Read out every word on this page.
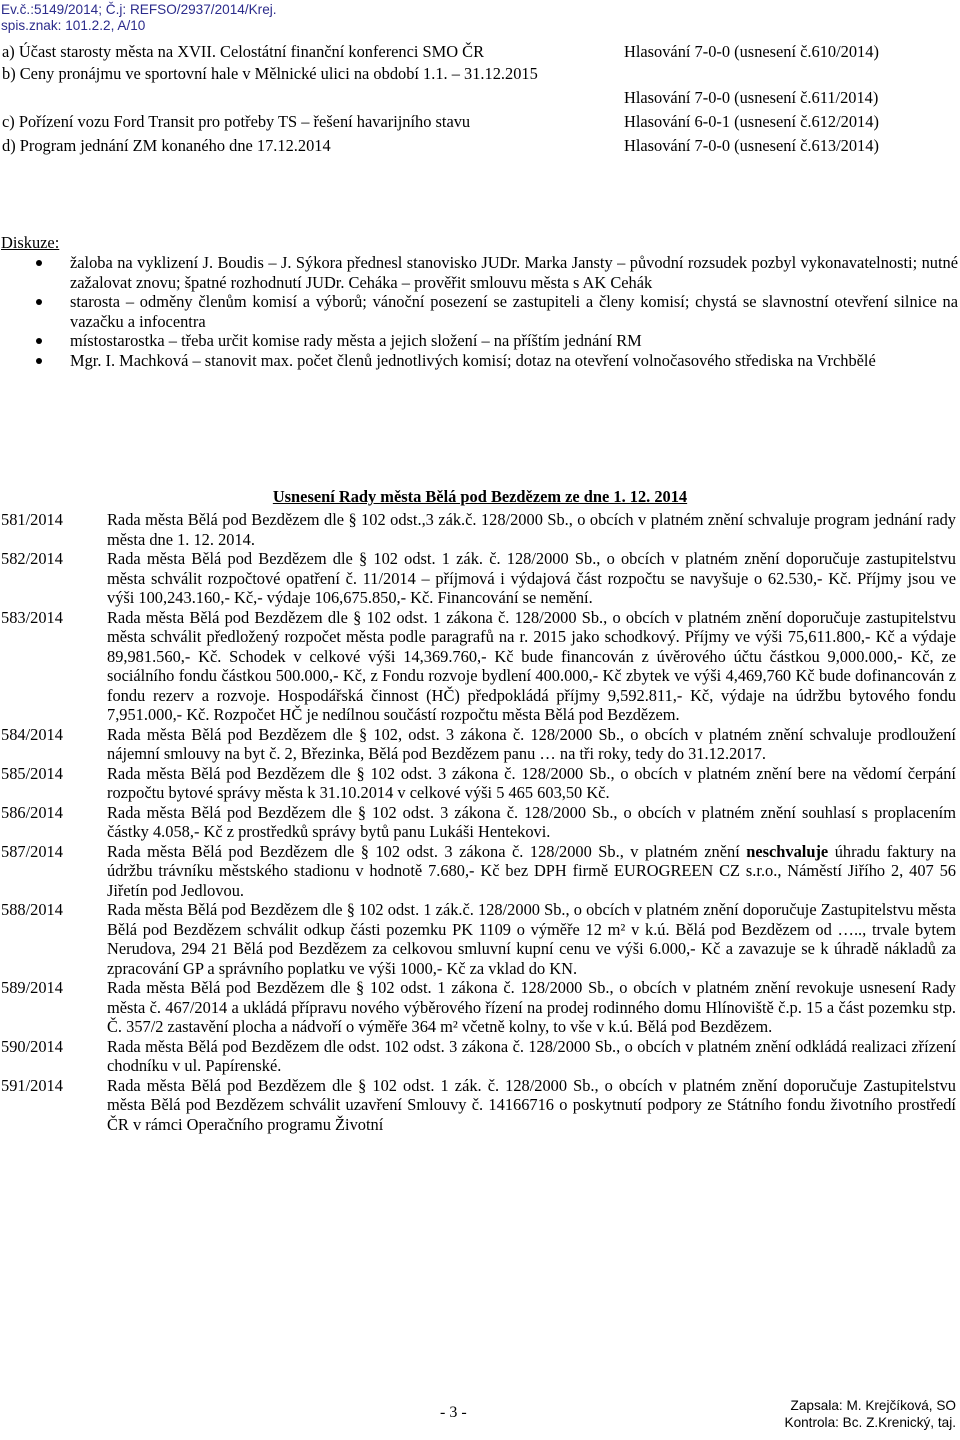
Ev.č.:5149/2014; Č.j: REFSO/2937/2014/Krej.
spis.znak: 101.2.2, A/10
a) Účast starosty města na XVII. Celostátní finanční konferenci SMO ČR	Hlasování 7-0-0 (usnesení č.610/2014)
b) Ceny pronájmu ve sportovní hale v Mělnické ulici na období 1.1. – 31.12.2015
Hlasování 7-0-0 (usnesení č.611/2014)
c) Pořízení vozu Ford Transit pro potřeby TS – řešení havarijního stavu	Hlasování 6-0-1 (usnesení č.612/2014)
d) Program jednání ZM konaného dne 17.12.2014	Hlasování 7-0-0 (usnesení č.613/2014)
Diskuze:
žaloba na vyklizení J. Boudis – J. Sýkora přednesl stanovisko JUDr. Marka Jansty – původní rozsudek pozbyl vykonavatelnosti; nutné zažalovat znovu; špatné rozhodnutí JUDr. Ceháka – prověřit smlouvu města s AK Cehák
starosta – odměny členům komisí a výborů; vánoční posezení se zastupiteli a členy komisí; chystá se slavnostní otevření silnice na vazačku a infocentra
místostarostka – třeba určit komise rady města a jejich složení – na příštím jednání RM
Mgr. I. Machková – stanovit max. počet členů jednotlivých komisí; dotaz na otevření volnočasového střediska na Vrchbělé
Usnesení Rady města Bělá pod Bezdězem ze dne 1. 12. 2014
581/2014	Rada města Bělá pod Bezdězem dle § 102 odst.,3 zák.č. 128/2000 Sb., o obcích v platném znění schvaluje program jednání rady města dne 1. 12. 2014.
582/2014	Rada města Bělá pod Bezdězem dle § 102 odst. 1 zák. č. 128/2000 Sb., o obcích v platném znění doporučuje zastupitelstvu města schválit rozpočtové opatření č. 11/2014 – příjmová i výdajová část rozpočtu se navyšuje o 62.530,- Kč. Příjmy jsou ve výši 100,243.160,- Kč,- výdaje 106,675.850,- Kč. Financování se nemění.
583/2014	Rada města Bělá pod Bezdězem dle § 102 odst. 1 zákona č. 128/2000 Sb., o obcích v platném znění doporučuje zastupitelstvu města schválit předložený rozpočet města podle paragrafů na r. 2015 jako schodkový. Příjmy ve výši 75,611.800,- Kč a výdaje 89,981.560,- Kč. Schodek v celkové výši 14,369.760,- Kč bude financován z úvěrového účtu částkou 9,000.000,- Kč, ze sociálního fondu částkou 500.000,- Kč, z Fondu rozvoje bydlení 400.000,- Kč zbytek ve výši 4,469,760 Kč bude dofinancován z fondu rezerv a rozvoje. Hospodářská činnost (HČ) předpokládá příjmy 9,592.811,- Kč, výdaje na údržbu bytového fondu 7,951.000,- Kč. Rozpočet HČ je nedílnou součástí rozpočtu města Bělá pod Bezdězem.
584/2014	Rada města Bělá pod Bezdězem dle § 102, odst. 3 zákona č. 128/2000 Sb., o obcích v platném znění schvaluje prodloužení nájemní smlouvy na byt č. 2, Březinka, Bělá pod Bezdězem panu … na tři roky, tedy do 31.12.2017.
585/2014	Rada města Bělá pod Bezdězem dle § 102 odst. 3 zákona č. 128/2000 Sb., o obcích v platném znění bere na vědomí čerpání rozpočtu bytové správy města k 31.10.2014 v celkové výši 5 465 603,50 Kč.
586/2014	Rada města Bělá pod Bezdězem dle § 102 odst. 3 zákona č. 128/2000 Sb., o obcích v platném znění souhlasí s proplacením částky 4.058,- Kč z prostředků správy bytů panu Lukáši Hentekovi.
587/2014	Rada města Bělá pod Bezdězem dle § 102 odst. 3 zákona č. 128/2000 Sb., v platném znění neschvaluje úhradu faktury na údržbu trávníku městského stadionu v hodnotě 7.680,- Kč bez DPH firmě EUROGREEN CZ s.r.o., Náměstí Jiřího 2, 407 56 Jiřetín pod Jedlovou.
588/2014	Rada města Bělá pod Bezdězem dle § 102 odst. 1 zák.č. 128/2000 Sb., o obcích v platném znění doporučuje Zastupitelstvu města Bělá pod Bezdězem schválit odkup části pozemku PK 1109 o výměře 12 m² v k.ú. Bělá pod Bezdězem od ….., trvale bytem Nerudova, 294 21 Bělá pod Bezdězem za celkovou smluvní kupní cenu ve výši 6.000,- Kč a zavazuje se k úhradě nákladů za zpracování GP a správního poplatku ve výši 1000,- Kč za vklad do KN.
589/2014	Rada města Bělá pod Bezdězem dle § 102 odst. 1 zákona č. 128/2000 Sb., o obcích v platném znění revokuje usnesení Rady města č. 467/2014 a ukládá přípravu nového výběrového řízení na prodej rodinného domu Hlínoviště č.p. 15 a část pozemku stp. Č. 357/2 zastavění plocha a nádvoří o výměře 364 m² včetně kolny, to vše v k.ú. Bělá pod Bezdězem.
590/2014	Rada města Bělá pod Bezdězem dle odst. 102 odst. 3 zákona č. 128/2000 Sb., o obcích v platném znění odkládá realizaci zřízení chodníku v ul. Papírenské.
591/2014	Rada města Bělá pod Bezdězem dle § 102 odst. 1 zák. č. 128/2000 Sb., o obcích v platném znění doporučuje Zastupitelstvu města Bělá pod Bezdězem schválit uzavření Smlouvy č. 14166716 o poskytnutí podpory ze Státního fondu životního prostředí ČR v rámci Operačního programu Životní
- 3 -	Zapsala: M. Krejčíková, SO
Kontrola: Bc. Z.Krenický, taj.
